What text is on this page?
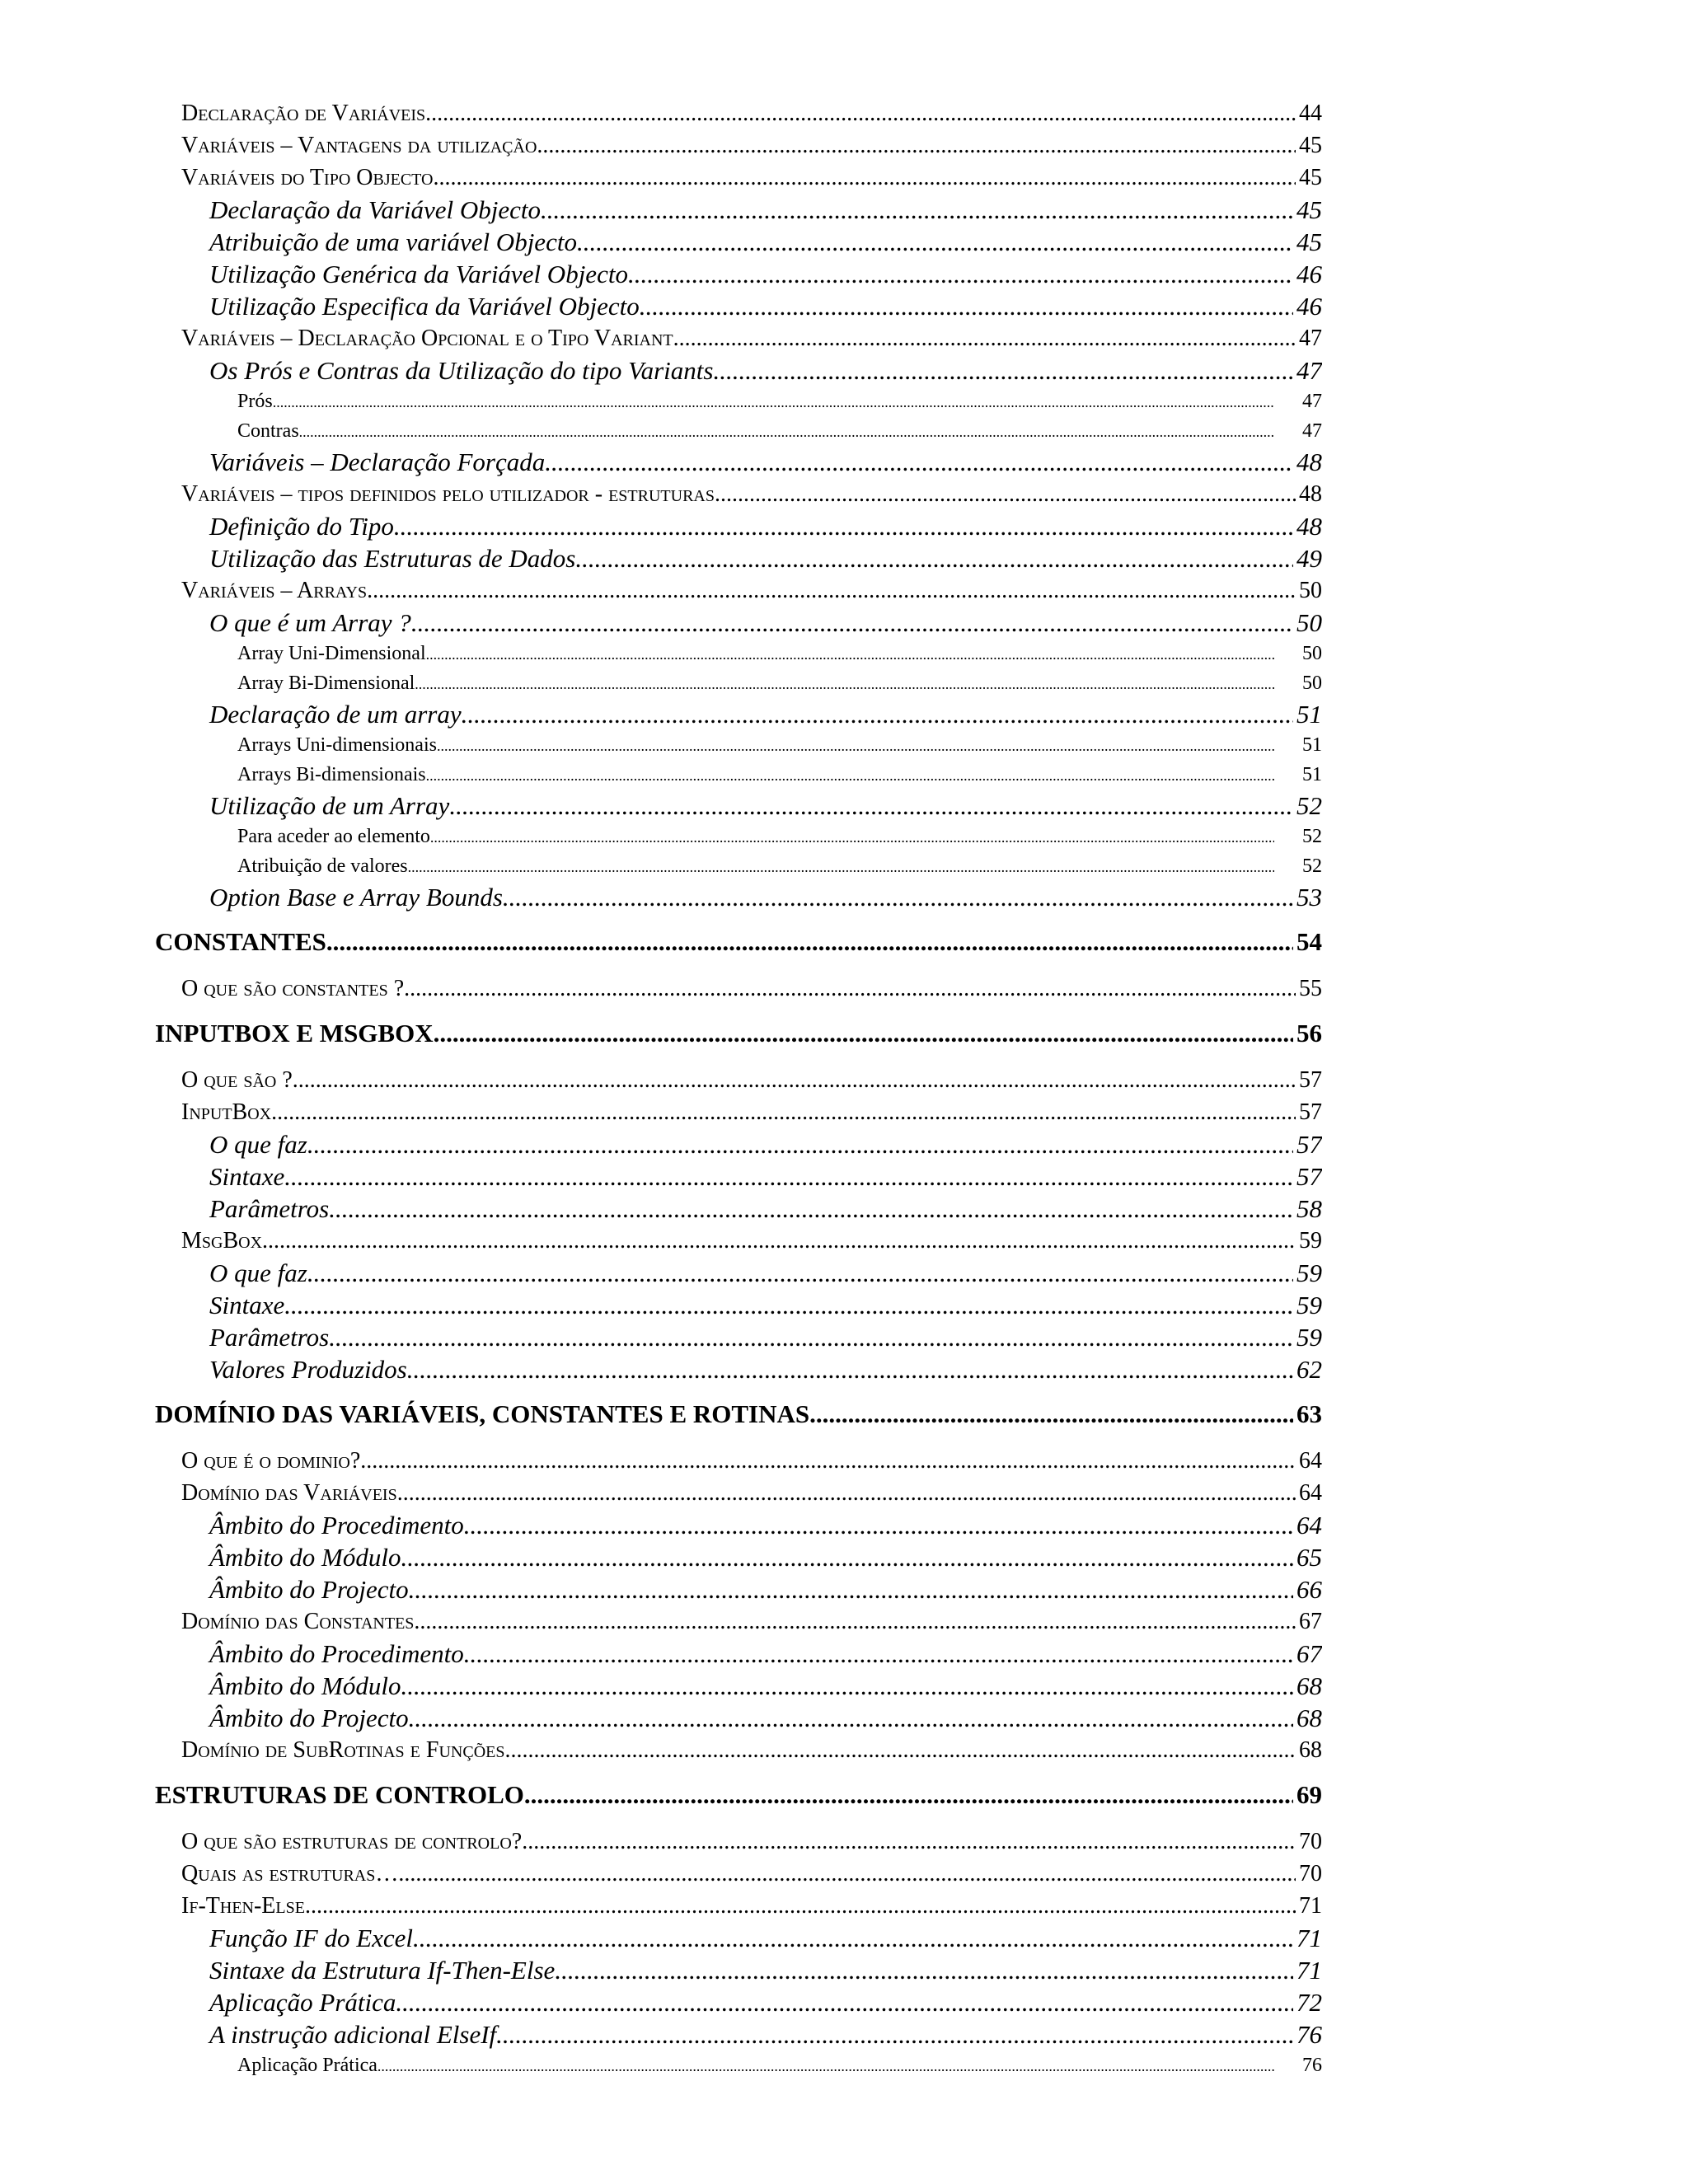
Declaração de Variáveis .....	44
Variáveis – Vantagens da utilização .....	45
Variáveis do Tipo Objecto .....	45
Declaração da Variável Objecto .....	45
Atribuição de uma variável Objecto .....	45
Utilização Genérica da Variável Objecto .....	46
Utilização Especifica da Variável Objecto .....	46
Variáveis – Declaração Opcional e o Tipo Variant .....	47
Os Prós e Contras da Utilização do tipo Variants .....	47
Prós .....	47
Contras .....	47
Variáveis – Declaração Forçada .....	48
Variáveis – tipos definidos pelo utilizador - estruturas .....	48
Definição do Tipo .....	48
Utilização das Estruturas de Dados .....	49
Variáveis – Arrays .....	50
O que é um Array ? .....	50
Array Uni-Dimensional .....	50
Array Bi-Dimensional .....	50
Declaração de um array .....	51
Arrays Uni-dimensionais .....	51
Arrays Bi-dimensionais .....	51
Utilização de um Array .....	52
Para aceder ao elemento .....	52
Atribuição de valores .....	52
Option Base e Array Bounds .....	53
CONSTANTES .....	54
O que são constantes ? .....	55
INPUTBOX E MSGBOX .....	56
O que são ? .....	57
InputBox .....	57
O que faz .....	57
Sintaxe .....	57
Parâmetros .....	58
MsgBox .....	59
O que faz .....	59
Sintaxe .....	59
Parâmetros .....	59
Valores Produzidos .....	62
DOMÍNIO DAS VARIÁVEIS, CONSTANTES E ROTINAS .....	63
O que é o dominio? .....	64
Domínio das Variáveis .....	64
Âmbito do Procedimento .....	64
Âmbito do Módulo .....	65
Âmbito do Projecto .....	66
Domínio das Constantes .....	67
Âmbito do Procedimento .....	67
Âmbito do Módulo .....	68
Âmbito do Projecto .....	68
Domínio de SubRotinas e Funções .....	68
ESTRUTURAS DE CONTROLO .....	69
O que são estruturas de controlo? .....	70
Quais as estruturas… .....	70
If-Then-Else .....	71
Função IF do Excel .....	71
Sintaxe da Estrutura If-Then-Else .....	71
Aplicação Prática .....	72
A instrução adicional ElseIf .....	76
Aplicação Prática .....	76
